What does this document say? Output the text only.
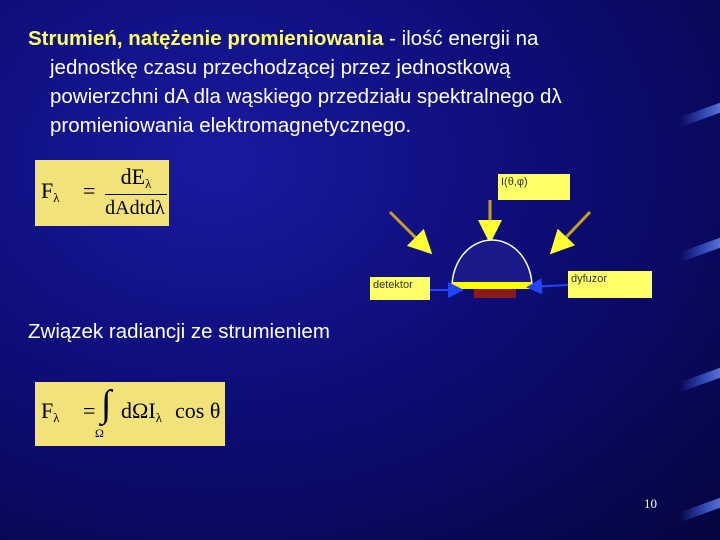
Strumień, natężenie promieniowania - ilość energii na
jednostkę czasu przechodzącej przez jednostkową
powierzchni dA dla wąskiego przedziału spektralnego dλ
promieniowania elektromagnetycznego.
Fλ =
dEλ
dAdtdλ
I(θ,φ)
detektor	dyfuzor
Związek radiancji ze strumieniem
Fλ = ∫
Ω
dΩIλ cos θ
10
